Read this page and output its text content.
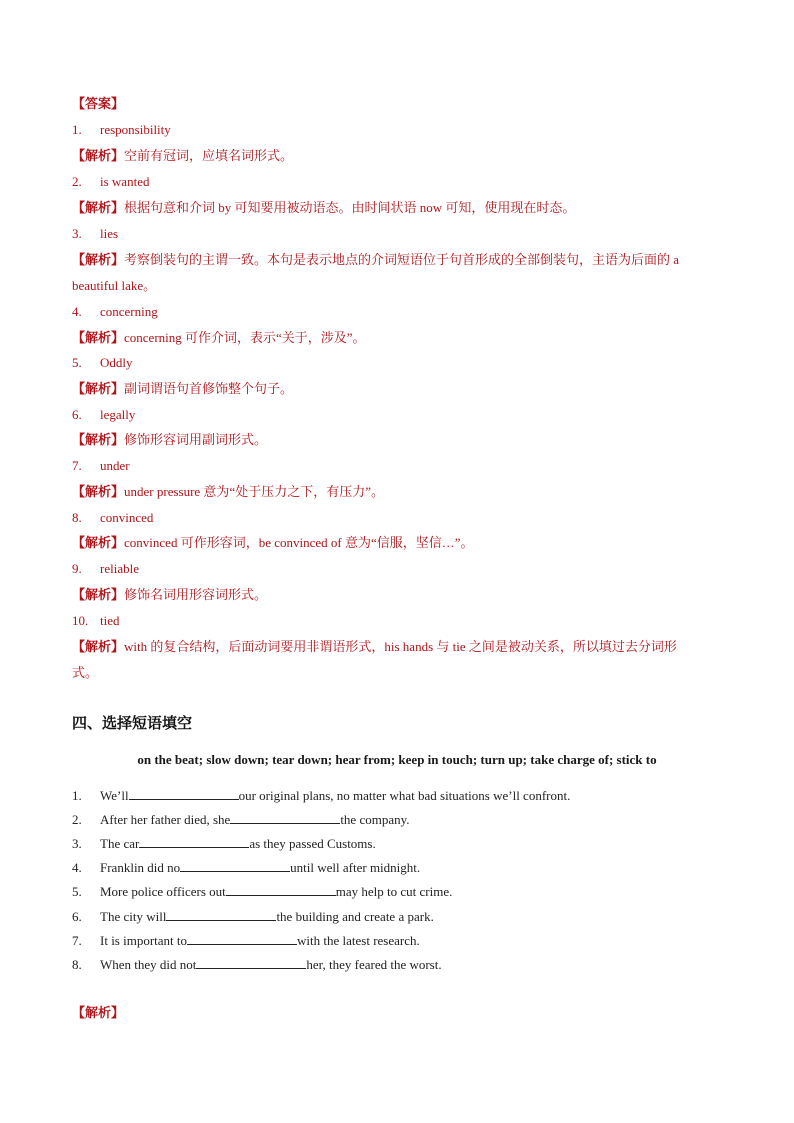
【答案】
1. responsibility
【解析】空前有冠词，应填名词形式。
2. is wanted
【解析】根据句意和介词 by 可知要用被动语态。由时间状语 now 可知，使用现在时态。
3. lies
【解析】考察倒装句的主谓一致。本句是表示地点的介词短语位于句首形成的全部倒装句，主语为后面的 a
beautiful lake。
4. concerning
【解析】concerning 可作介词，表示“关于，涉及”。
5. Oddly
【解析】副词谓语句首修饰整个句子。
6. legally
【解析】修饰形容词用副词形式。
7. under
【解析】under pressure 意为“处于压力之下，有压力”。
8. convinced
【解析】convinced 可作形容词，be convinced of 意为“信服，坚信…”。
9. reliable
【解析】修饰名词用形容词形式。
10. tied
【解析】with 的复合结构，后面动词要用非谓语形式，his hands 与 tie 之间是被动关系，所以填过去分词形
式。
四、选择短语填空
on the beat; slow down; tear down; hear from; keep in touch; turn up; take charge of; stick to
1. We’ll	our original plans, no matter what bad situations we’ll confront.
2. After her father died, she	the company.
3. The car	as they passed Customs.
4. Franklin did no	until well after midnight.
5. More police officers out	may help to cut crime.
6. The city will	the building and create a park.
7. It is important to	with the latest research.
8. When they did not	her, they feared the worst.
【解析】
